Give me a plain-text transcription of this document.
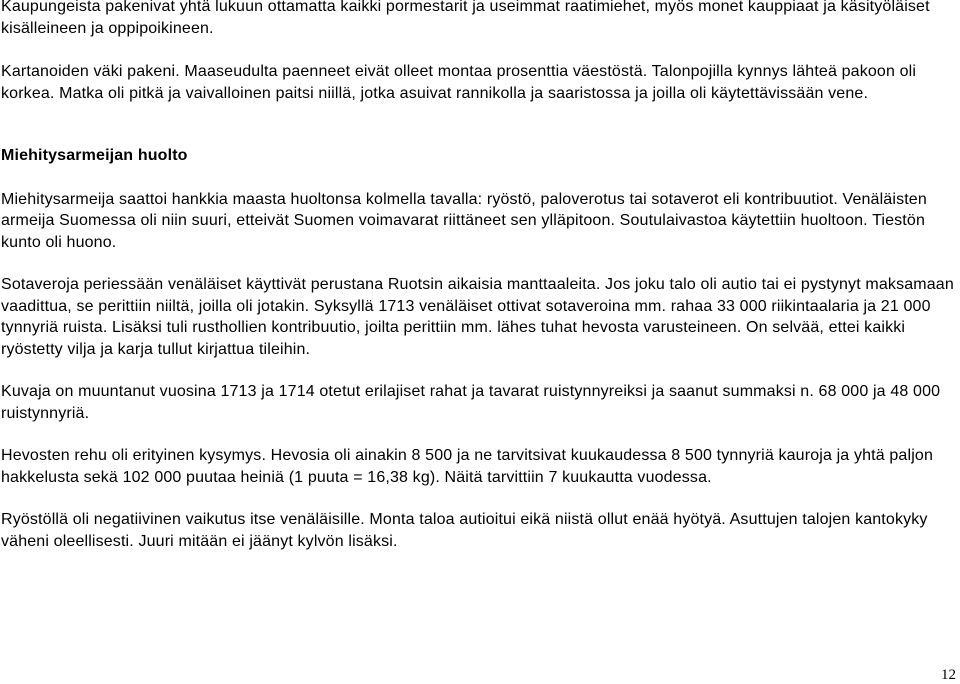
Kaupungeista pakenivat yhtä lukuun ottamatta kaikki pormestarit ja useimmat raatimiehet, myös monet kauppiaat ja käsityöläiset kisälleineen ja oppipoikineen.

Kartanoiden väki pakeni. Maaseudulta paenneet eivät olleet montaa prosenttia väestöstä. Talonpojilla kynnys lähteä pakoon oli korkea. Matka oli pitkä ja vaivalloinen paitsi niillä, jotka asuivat rannikolla ja saaristossa ja joilla oli käytettävissään vene.

Miehitysarmeijan huolto

Miehitysarmeija saattoi hankkia maasta huoltonsa kolmella tavalla: ryöstö, paloverotus tai sotaverot eli kontribuutiot. Venäläisten armeija Suomessa oli niin suuri, etteivät Suomen voimavarat riittäneet sen ylläpitoon. Soutulaivastoa käytettiin huoltoon. Tiestön kunto oli huono.

Sotaveroja periessään venäläiset käyttivät perustana Ruotsin aikaisia manttaaleita. Jos joku talo oli autio tai ei pystynyt maksamaan vaadittua, se perittiin niiltä, joilla oli jotakin. Syksyllä 1713 venäläiset ottivat sotaveroina mm. rahaa 33 000 riikintaalaria ja 21 000 tynnyriä ruista. Lisäksi tuli rusthollien kontribuutio, joilta perittiin mm. lähes tuhat hevosta varusteineen. On selvää, ettei kaikki ryöstetty vilja ja karja tullut kirjattua tileihin.

Kuvaja on muuntanut vuosina 1713 ja 1714 otetut erilajiset rahat ja tavarat ruistynnyreiksi ja saanut summaksi n. 68 000 ja 48 000 ruistynnyriä.

Hevosten rehu oli erityinen kysymys. Hevosia oli ainakin 8 500 ja ne tarvitsivat kuukaudessa 8 500 tynnyriä kauroja ja yhtä paljon hakkelusta sekä 102 000 puutaa heiniä (1 puuta = 16,38 kg). Näitä tarvittiin 7 kuukautta vuodessa.

Ryöstöllä oli negatiivinen vaikutus itse venäläisille. Monta taloa autioitui eikä niistä ollut enää hyötyä. Asuttujen talojen kantokyky väheni oleellisesti. Juuri mitään ei jäänyt kylvön lisäksi.

12
